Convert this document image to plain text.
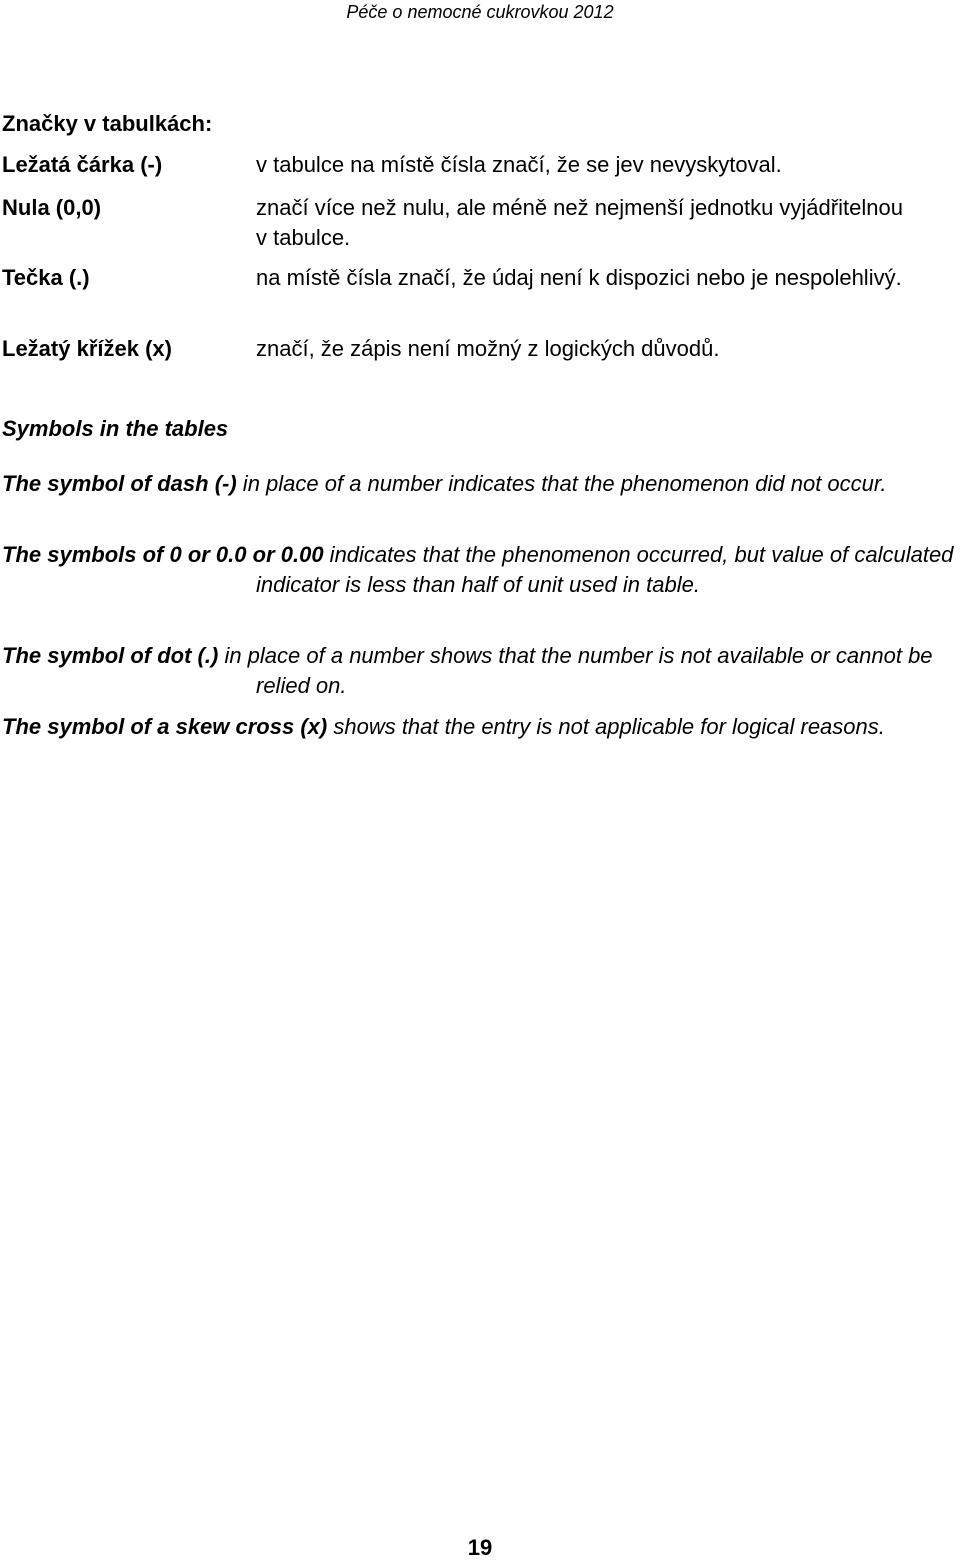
Péče o nemocné cukrovkou 2012
Značky v tabulkách:
Ležatá čárka (-)	v tabulce na místě čísla značí, že se jev nevyskytoval.
Nula (0,0)	značí více než nulu, ale méně než nejmenší jednotku vyjádřitelnou v tabulce.
Tečka (.)	na místě čísla značí, že údaj není k dispozici nebo je nespolehlivý.
Ležatý křížek (x)	značí, že zápis není možný z logických důvodů.
Symbols in the tables
The symbol of dash (-) in place of a number indicates that the phenomenon did not occur.
The symbols of 0 or 0.0 or 0.00 indicates that the phenomenon occurred, but value of calculated indicator is less than half of unit used in table.
The symbol of dot (.) in place of a number shows that the number is not available or cannot be relied on.
The symbol of a skew cross (x) shows that the entry is not applicable for logical reasons.
19
